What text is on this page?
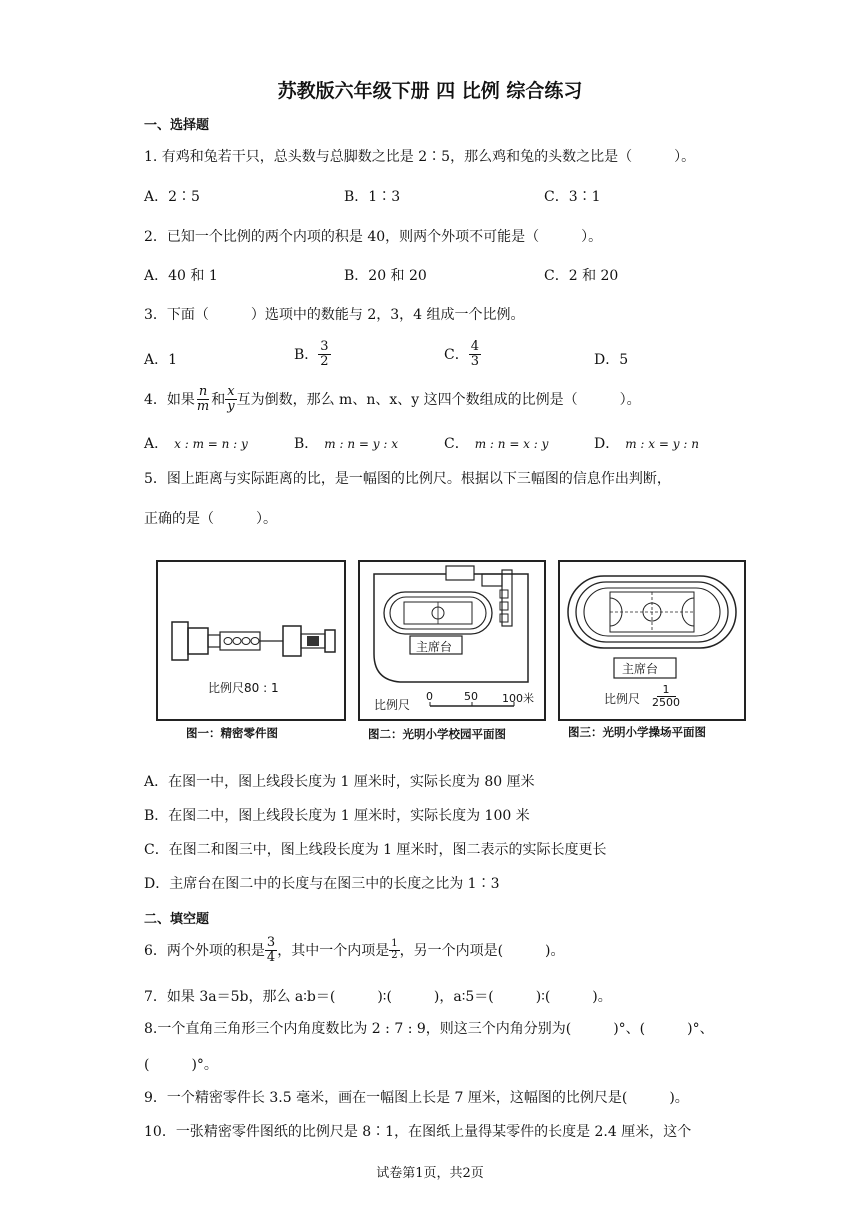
苏教版六年级下册 四 比例 综合练习
一、选择题
1. 有鸡和兔若干只，总头数与总脚数之比是 2∶5，那么鸡和兔的头数之比是（　　　）。
A．2∶5	B．1∶3	C．3∶1
2．已知一个比例的两个内项的积是 40，则两个外项不可能是（　　　）。
A．40 和 1	B．20 和 20	C．2 和 20
3．下面（　　　）选项中的数能与 2，3，4 组成一个比例。
A．1	B． $\frac{3}{2}$	C． $\frac{4}{3}$	D．5
4．如果 $\frac{n}{m}$ 和 $\frac{x}{y}$ 互为倒数，那么 m、n、x、y 这四个数组成的比例是（　　　）。
A． x : m = n : y	B． m : n = y : x	C． m : n = x : y	D． m : x = y : n
5．图上距离与实际距离的比，是一幅图的比例尺。根据以下三幅图的信息作出判断，
正确的是（　　　）。
比例尺80 : 1
图一：精密零件图
主席台
比例尺
0	50 100米
图二：光明小学校园平面图
主席台
比例尺
1
2500
图三：光明小学操场平面图
A．在图一中，图上线段长度为 1 厘米时，实际长度为 80 厘米
B．在图二中，图上线段长度为 1 厘米时，实际长度为 100 米
C．在图二和图三中，图上线段长度为 1 厘米时，图二表示的实际长度更长
D．主席台在图二中的长度与在图三中的长度之比为 1∶3
二、填空题
6．两个外项的积是 $\frac{3}{4}$ ，其中一个内项是 $\frac{1}{2}$ ，另一个内项是(　　　)。
7．如果 3a＝5b，那么 a∶b＝(　　　)∶(　　　)，a∶5＝(　　　)∶(　　　)。
8.一个直角三角形三个内角度数比为 2 : 7 : 9，则这三个内角分别为(　　　)°、(　　　)°、
(　　　)°。
9．一个精密零件长 3.5 毫米，画在一幅图上长是 7 厘米，这幅图的比例尺是(　　　)。
10．一张精密零件图纸的比例尺是 8∶1，在图纸上量得某零件的长度是 2.4 厘米，这个
试卷第1页，共2页
